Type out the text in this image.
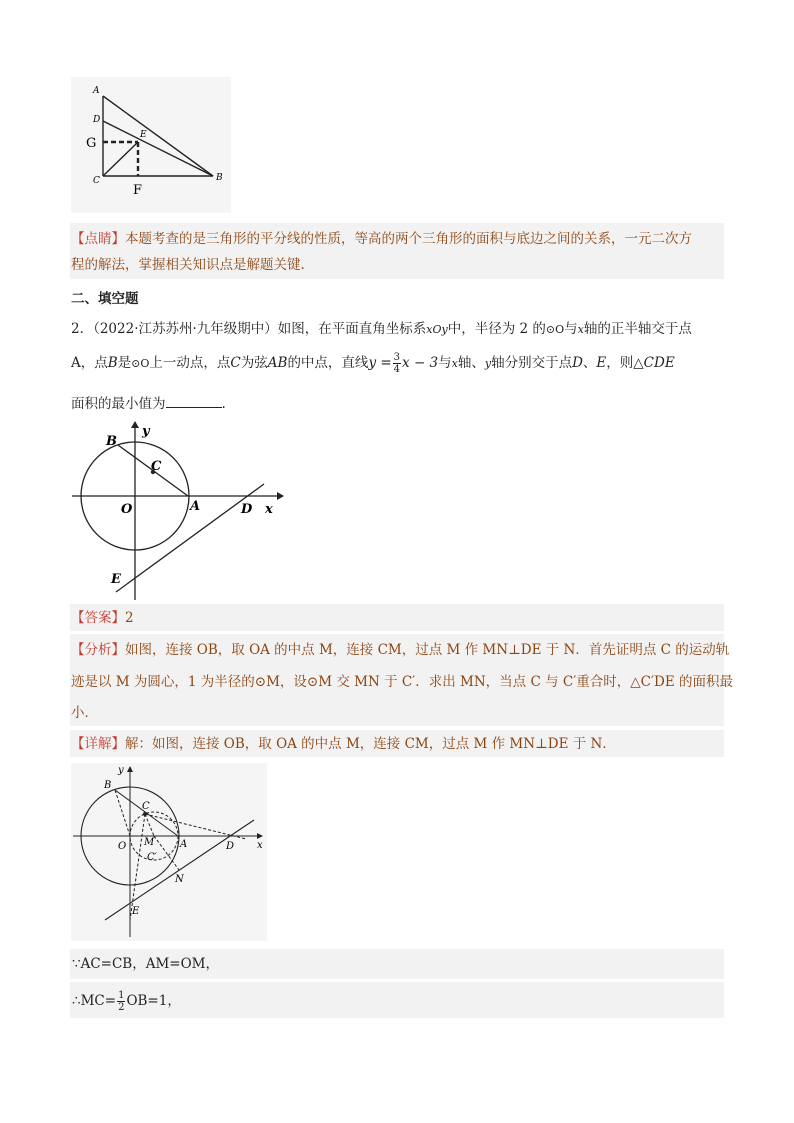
A
D
G
E
C
F
B
【点睛】本题考查的是三角形的平分线的性质，等高的两个三角形的面积与底边之间的关系，一元二次方
程的解法，掌握相关知识点是解题关键.
二、填空题
2．（2022·江苏苏州·九年级期中）如图，在平面直角坐标系xOy中，半径为 2 的⊙O与x轴的正半轴交于点
A，点B是⊙O上一动点，点C为弦AB的中点，直线$y = \frac{3}{4}$ x − 3与x轴、y轴分别交于点D、E，则△CDE
面积的最小值为	.
B
y
C
O	A	D x
E
【答案】2
【分析】如图，连接 OB，取 OA 的中点 M，连接 CM，过点 M 作 MN⊥DE 于 N．首先证明点 C 的运动轨
迹是以 M 为圆心，1 为半径的⊙M，设⊙M 交 MN 于 C′．求出 MN，当点 C 与 C′重合时，△C′DE 的面积最
小．
【详解】解：如图，连接 OB，取 OA 的中点 M，连接 CM，过点 M 作 MN⊥DE 于 N．
y
B
C
O M	A	D x
C′
N
E
∵AC=CB，AM=OM，
∴MC= $\frac{1}{2} OB=1$，
